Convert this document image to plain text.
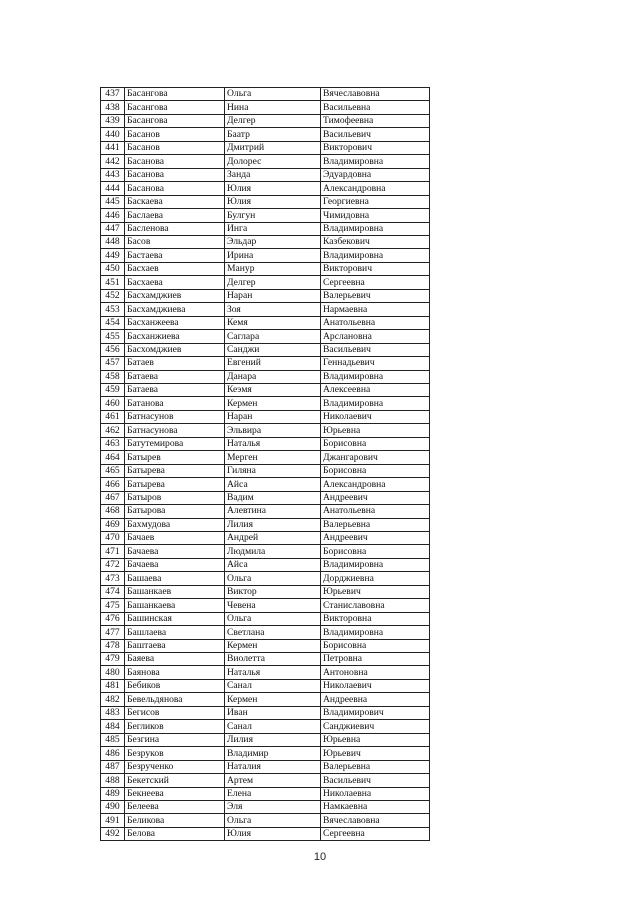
437	Басангова	Ольга	Вячеславовна
438	Басангова	Нина	Васильевна
439	Басангова	Делгер	Тимофеевна
440	Басанов	Баатр	Васильевич
441	Басанов	Дмитрий	Викторович
442	Басанова	Долорес	Владимировна
443	Басанова	Занда	Эдуардовна
444	Басанова	Юлия	Александровна
445	Баскаева	Юлия	Георгиевна
446	Баслаева	Булгун	Чимидовна
447	Басленова	Инга	Владимировна
448	Басов	Эльдар	Казбекович
449	Бастаева	Ирина	Владимировна
450	Басхаев	Манур	Викторович
451	Басхаева	Делгер	Сергеевна
452	Басхамджиев	Наран	Валерьевич
453	Басхамджиева	Зоя	Нармаевна
454	Басханжеева	Кемя	Анатольевна
455	Басханжиева	Саглара	Арслановна
456	Басхомджиев	Санджи	Васильевич
457	Батаев	Евгений	Геннадьевич
458	Батаева	Данара	Владимировна
459	Батаева	Кеэмя	Алексеевна
460	Батанова	Кермен	Владимировна
461	Батнасунов	Наран	Николаевич
462	Батнасунова	Эльвира	Юрьевна
463	Батутемирова	Наталья	Борисовна
464	Батырев	Мерген	Джангарович
465	Батырева	Гиляна	Борисовна
466	Батырева	Айса	Александровна
467	Батыров	Вадим	Андреевич
468	Батырова	Алевтина	Анатольевна
469	Бахмудова	Лилия	Валерьевна
470	Бачаев	Андрей	Андреевич
471	Бачаева	Людмила	Борисовна
472	Бачаева	Айса	Владимировна
473	Башаева	Ольга	Дорджиевна
474	Башанкаев	Виктор	Юрьевич
475	Башанкаева	Чевена	Станиславовна
476	Башинская	Ольга	Викторовна
477	Башлаева	Светлана	Владимировна
478	Баштаева	Кермен	Борисовна
479	Баяева	Виолетта	Петровна
480	Баянова	Наталья	Антоновна
481	Бебиков	Санал	Николаевич
482	Бевельдянова	Кермен	Андреевна
483	Бегисов	Иван	Владимирович
484	Бегликов	Санал	Санджиевич
485	Безгина	Лилия	Юрьевна
486	Безруков	Владимир	Юрьевич
487	Безрученко	Наталия	Валерьевна
488	Бекетский	Артем	Васильевич
489	Бекнеева	Елена	Николаевна
490	Белеева	Эля	Намкаевна
491	Беликова	Ольга	Вячеславовна
492	Белова	Юлия	Сергеевна
10
